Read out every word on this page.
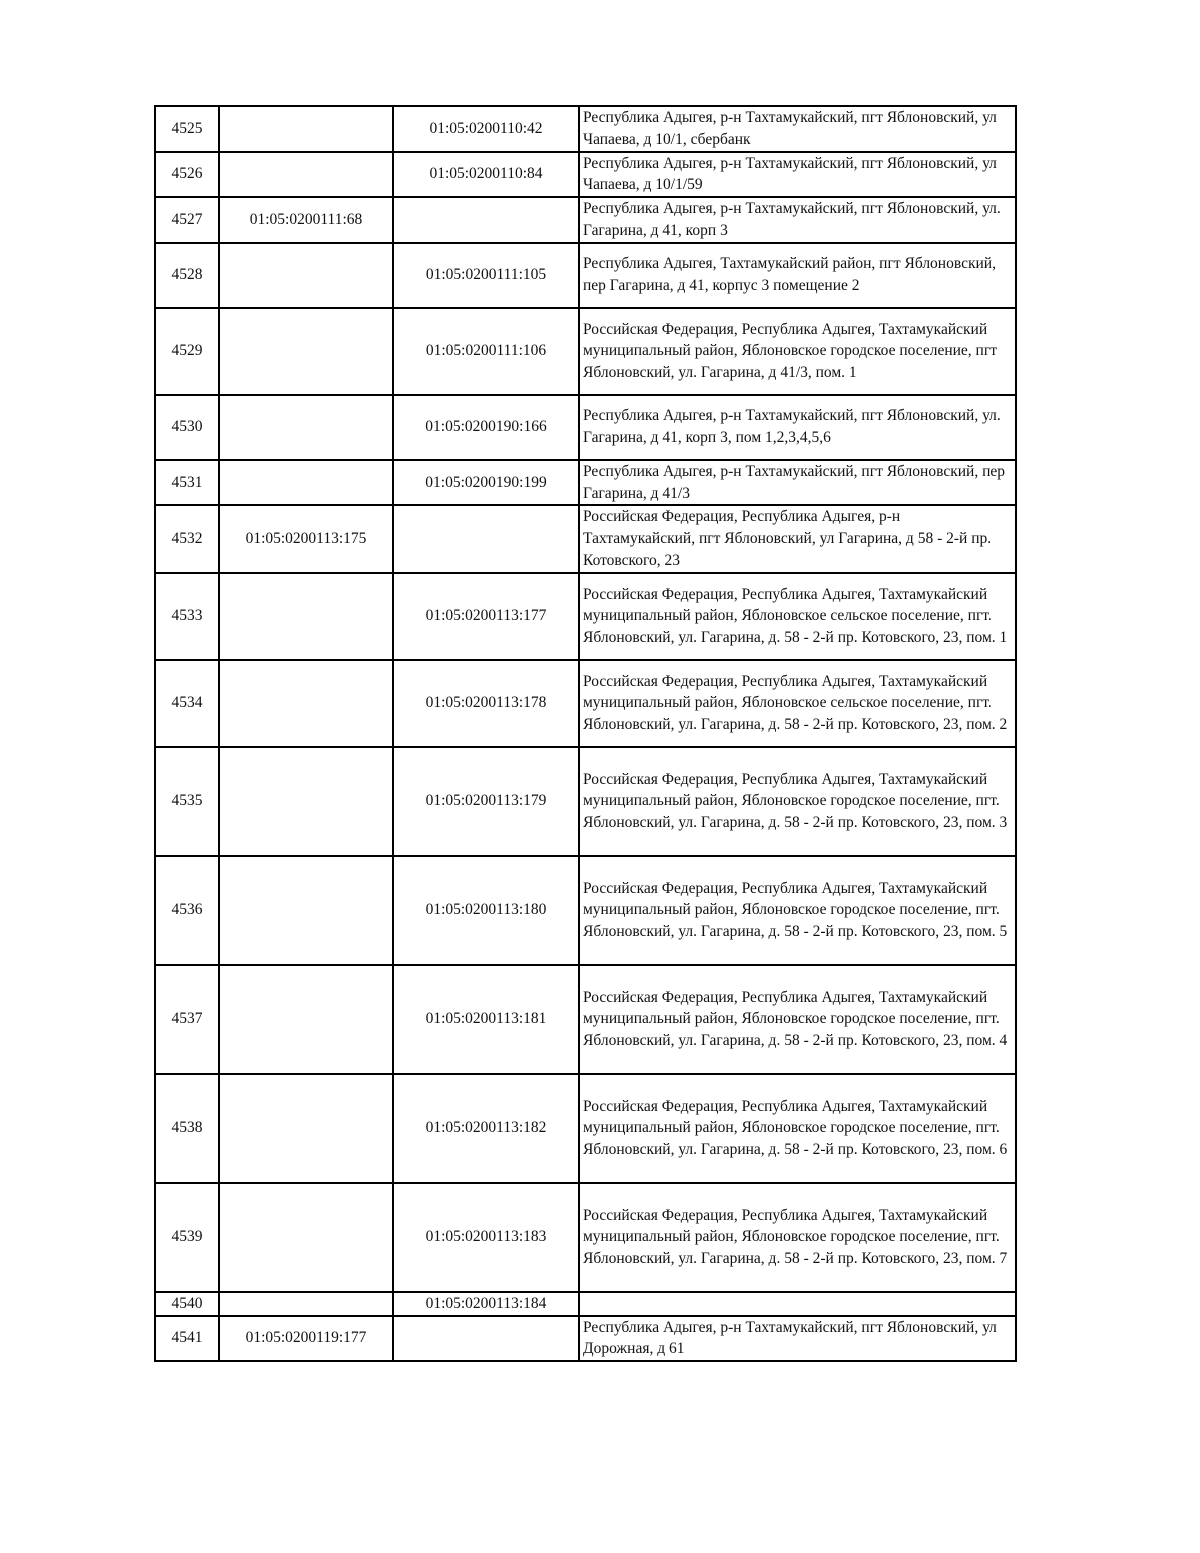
4525		01:05:0200110:42	Республика Адыгея, р-н Тахтамукайский, пгт Яблоновский, ул Чапаева, д 10/1, сбербанк
4526		01:05:0200110:84	Республика Адыгея, р-н Тахтамукайский, пгт Яблоновский, ул Чапаева, д 10/1/59
4527	01:05:0200111:68		Республика Адыгея, р-н Тахтамукайский, пгт Яблоновский, ул. Гагарина, д 41, корп 3
4528		01:05:0200111:105	Республика Адыгея, Тахтамукайский район, пгт Яблоновский, пер Гагарина, д 41, корпус 3 помещение 2
4529		01:05:0200111:106	Российская Федерация, Республика Адыгея, Тахтамукайский муниципальный район, Яблоновское городское поселение, пгт Яблоновский, ул. Гагарина, д 41/3, пом. 1
4530		01:05:0200190:166	Республика Адыгея, р-н Тахтамукайский, пгт Яблоновский, ул. Гагарина, д 41, корп 3, пом 1,2,3,4,5,6
4531		01:05:0200190:199	Республика Адыгея, р-н Тахтамукайский, пгт Яблоновский, пер Гагарина, д 41/3
4532	01:05:0200113:175		Российская Федерация, Республика Адыгея, р-н Тахтамукайский, пгт Яблоновский, ул Гагарина, д 58 - 2-й пр. Котовского, 23
4533		01:05:0200113:177	Российская Федерация, Республика Адыгея, Тахтамукайский муниципальный район, Яблоновское сельское поселение, пгт. Яблоновский, ул. Гагарина, д. 58 - 2-й пр. Котовского, 23, пом. 1
4534		01:05:0200113:178	Российская Федерация, Республика Адыгея, Тахтамукайский муниципальный район, Яблоновское сельское поселение, пгт. Яблоновский, ул. Гагарина, д. 58 - 2-й пр. Котовского, 23, пом. 2
4535		01:05:0200113:179	Российская Федерация, Республика Адыгея, Тахтамукайский муниципальный район, Яблоновское городское поселение, пгт. Яблоновский, ул. Гагарина, д. 58 - 2-й пр. Котовского, 23, пом. 3
4536		01:05:0200113:180	Российская Федерация, Республика Адыгея, Тахтамукайский муниципальный район, Яблоновское городское поселение, пгт. Яблоновский, ул. Гагарина, д. 58 - 2-й пр. Котовского, 23, пом. 5
4537		01:05:0200113:181	Российская Федерация, Республика Адыгея, Тахтамукайский муниципальный район, Яблоновское городское поселение, пгт. Яблоновский, ул. Гагарина, д. 58 - 2-й пр. Котовского, 23, пом. 4
4538		01:05:0200113:182	Российская Федерация, Республика Адыгея, Тахтамукайский муниципальный район, Яблоновское городское поселение, пгт. Яблоновский, ул. Гагарина, д. 58 - 2-й пр. Котовского, 23, пом. 6
4539		01:05:0200113:183	Российская Федерация, Республика Адыгея, Тахтамукайский муниципальный район, Яблоновское городское поселение, пгт. Яблоновский, ул. Гагарина, д. 58 - 2-й пр. Котовского, 23, пом. 7
4540		01:05:0200113:184	
4541	01:05:0200119:177		Республика Адыгея, р-н Тахтамукайский, пгт Яблоновский, ул Дорожная, д 61
